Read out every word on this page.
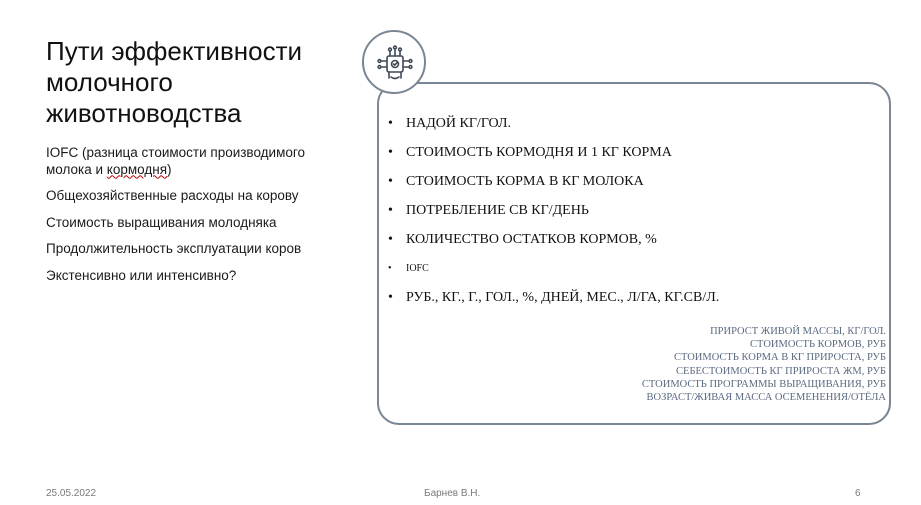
Пути эффективности молочного животноводства
IOFC (разница стоимости производимого молока и кормодня)
Общехозяйственные расходы на корову
Стоимость выращивания молодняка
Продолжительность эксплуатации коров
Экстенсивно или интенсивно?
• НАДОЙ КГ/ГОЛ.
• СТОИМОСТЬ КОРМОДНЯ И 1 КГ КОРМА
• СТОИМОСТЬ КОРМА В КГ МОЛОКА
• ПОТРЕБЛЕНИЕ СВ КГ/ДЕНЬ
• КОЛИЧЕСТВО ОСТАТКОВ КОРМОВ, %
• IOFC
• РУБ., КГ., Г., ГОЛ., %, ДНЕЙ, МЕС., Л/ГА, КГ.СВ/Л.
ПРИРОСТ ЖИВОЙ МАССЫ, КГ/ГОЛ.
СТОИМОСТЬ КОРМОВ, РУБ
СТОИМОСТЬ КОРМА В КГ ПРИРОСТА, РУБ
СЕБЕСТОИМОСТЬ КГ ПРИРОСТА ЖМ, РУБ
СТОИМОСТЬ ПРОГРАММЫ ВЫРАЩИВАНИЯ, РУБ
ВОЗРАСТ/ЖИВАЯ МАССА ОСЕМЕНЕНИЯ/ОТЁЛА
25.05.2022	Барнев В.Н.	6
